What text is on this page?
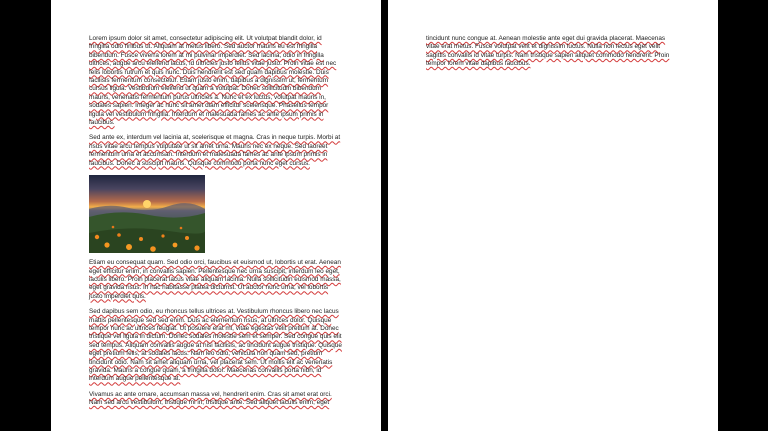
Lorem ipsum dolor sit amet, consectetur adipiscing elit. Ut volutpat blandit dolor, id fringilla odio finibus ut. Aliquam at metus libero. Sed auctor mauris eu est fringilla bibendum. Fusce viverra lorem at mi pulvinar imperdiet. Sed lacinia, odio in fringilla ultrices, augue arcu eleifend lacus, id ultricies justo tellus vitae justo. Proin vitae est nec felis lobortis rutrum et quis nunc. Duis hendrerit est sed quam dapibus molestie. Duis facilisis fermentum consectetur. Etiam justo enim, dapibus a dignissim ut, fermentum cursus ligula. Vestibulum eleifend ut quam a volutpat. Donec sollicitudin bibendum mauris, venenatis fermentum purus ultricies a. Nunc et ex luctus, volutpat mauris in, sodales sapien. Integer ac nunc sit amet diam efficitur scelerisque. Phasellus tempor ligula vel vestibulum fringilla. Interdum et malesuada fames ac ante ipsum primis in faucibus.

Sed ante ex, interdum vel lacinia at, scelerisque et magna. Cras in neque turpis. Morbi at risus vitae arcu tempus vulputate ut sit amet urna. Mauris nec ex neque. Sed laoreet fermentum urna et accumsan. Interdum et malesuada fames ac ante ipsum primis in faucibus. Donec a suscipit mauris. Quisque commodo porta nunc eget cursus.

Etiam eu consequat quam. Sed odio orci, faucibus et euismod ut, lobortis ut erat. Aenean eget efficitur enim, in convallis sapien. Pellentesque nec urna suscipit, interdum leo eget, iaculis libero. Proin placerat lacus vitae aliquam lacinia. Nulla sollicitudin euismod massa, eget gravida risus. In hac habitasse platea dictumst. Ut auctor nunc urna, vel lobortis justo imperdiet quis.

Sed dapibus sem odio, eu rhoncus tellus ultrices at. Vestibulum rhoncus libero nec lacus mattis pellentesque sed sed enim. Duis ac elementum risus, at ultrices dolor. Quisque tempor nunc ac ultrices feugiat. Ut posuere erat mi, vitae egestas velit pretium at. Donec tristique vel ligula in dictum. Donec sodales molestie sem et semper. Sed congue quis elit sed tempus. Aliquam convallis augue at nisi facilisis, ac tincidunt augue tristique. Quisque eget pretium felis, at sodales lacus. Nam leo odio, vehicula non quam sed, pretium tincidunt odio. Nam sit amet aliquam urna, vel placerat sem. Ut mollis elit ac venenatis gravida. Mauris a congue quam, a fringilla dolor. Maecenas convallis porta nibh, id interdum augue pellentesque at.

Vivamus ac ante ornare, accumsan massa vel, hendrerit enim. Cras sit amet erat orci. Nam sed arcu vestibulum, tristique mi in, tristique ante. Sed aliquet iaculis enim, eget

tincidunt nunc congue at. Aenean molestie ante eget dui gravida placerat. Maecenas vitae erat metus. Fusce volutpat velit et dignissim luctus. Nulla non lectus eget velit sagittis convallis id vitae turpis. Nam tristique sapien aliquet commodo hendrerit. Proin tempor lorem vitae dapibus faucibus.
